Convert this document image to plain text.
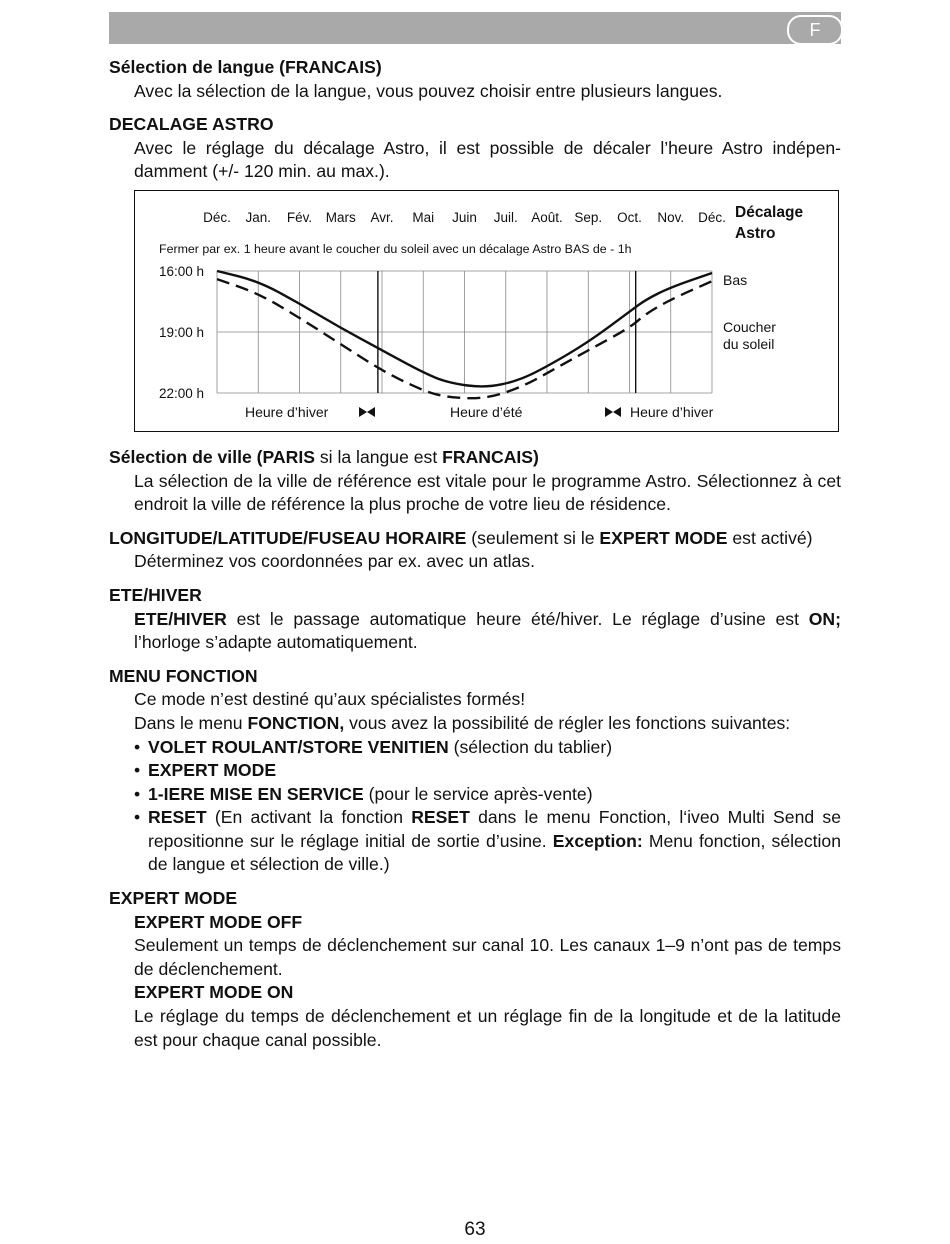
F

Sélection de langue (FRANCAIS)

Avec la sélection de la langue, vous pouvez choisir entre plusieurs langues.

DECALAGE ASTRO

Avec le réglage du décalage Astro, il est possible de décaler l’heure Astro indépen-damment (+/- 120 min. au max.).

Décalage
Astro
Fermer par ex. 1 heure avant le coucher du soleil avec un décalage Astro BAS de - 1h
Déc. Jan. Fév. Mars Avr. Mai Juin Juil. Août. Sep. Oct. Nov. Déc.
16:00 h
19:00 h
22:00 h
Bas
Coucher
du soleil
Heure d’hiver	Heure d’été	Heure d’hiver

Sélection de ville (PARIS si la langue est FRANCAIS)

La sélection de la ville de référence est vitale pour le programme Astro. Sélectionnez à cet endroit la ville de référence la plus proche de votre lieu de résidence.

LONGITUDE/LATITUDE/FUSEAU HORAIRE (seulement si le EXPERT MODE est activé)

Déterminez vos coordonnées par ex. avec un atlas.

ETE/HIVER

ETE/HIVER est le passage automatique heure été/hiver. Le réglage d’usine est ON; l’horloge s’adapte automatiquement.

MENU FONCTION

Ce mode n’est destiné qu’aux spécialistes formés!

Dans le menu FONCTION, vous avez la possibilité de régler les fonctions suivantes:

• VOLET ROULANT/STORE VENITIEN (sélection du tablier)
• EXPERT MODE
• 1-IERE MISE EN SERVICE (pour le service après-vente)
• RESET (En activant la fonction RESET dans le menu Fonction, l‘iveo Multi Send se repositionne sur le réglage initial de sortie d’usine. Exception: Menu fonction, sélection de langue et sélection de ville.)

EXPERT MODE

EXPERT MODE OFF

Seulement un temps de déclenchement sur canal 10. Les canaux 1–9 n’ont pas de temps de déclenchement.

EXPERT MODE ON

Le réglage du temps de déclenchement et un réglage fin de la longitude et de la latitude est pour chaque canal possible.

63
